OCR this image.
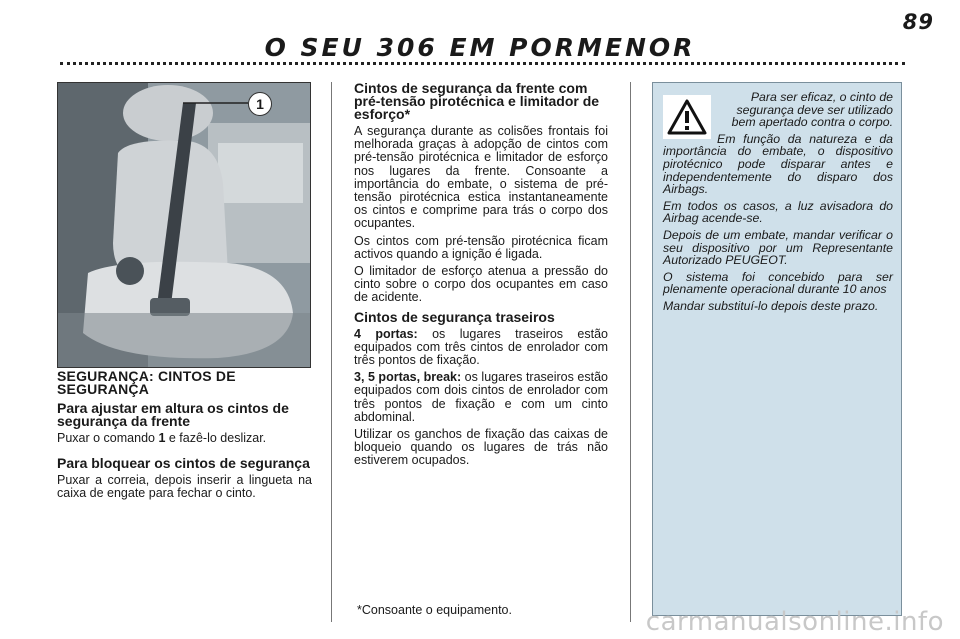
89
O SEU 306 EM PORMENOR
1
SEGURANÇA: CINTOS DE SEGURANÇA
Para ajustar em altura os cintos de segurança da frente

Puxar o comando 1 e fazê-lo deslizar.

Para bloquear os cintos de segurança

Puxar a correia, depois inserir a lingueta na caixa de engate para fechar o cinto.

Cintos de segurança da frente com pré-tensão pirotécnica e limitador de esforço*

A segurança durante as colisões frontais foi melhorada graças à adopção de cintos com pré-tensão pirotécnica e limitador de esforço nos lugares da frente. Consoante a importância do embate, o sistema de pré-tensão pirotécnica estica instantaneamente os cintos e comprime para trás o corpo dos ocupantes.

Os cintos com pré-tensão pirotécnica ficam activos quando a ignição é ligada.

O limitador de esforço atenua a pressão do cinto sobre o corpo dos ocupantes em caso de acidente.

Cintos de segurança traseiros

4 portas: os lugares traseiros estão equipados com três cintos de enrolador com três pontos de fixação.

3, 5 portas, break: os lugares traseiros estão equipados com dois cintos de enrolador com três pontos de fixação e com um cinto abdominal.

Utilizar os ganchos de fixação das caixas de bloqueio quando os lugares de trás não estiverem ocupados.

*Consoante o equipamento.

Para ser eficaz, o cinto de segurança deve ser utilizado bem apertado contra o corpo.

Em função da natureza e da importância do embate, o dispositivo pirotécnico pode disparar antes e independentemente do disparo dos Airbags.

Em todos os casos, a luz avisadora do Airbag acende-se.

Depois de um embate, mandar verificar o seu dispositivo por um Representante Autorizado PEUGEOT.

O sistema foi concebido para ser plenamente operacional durante 10 anos

Mandar substituí-lo depois deste prazo.

carmanualsonline.info
